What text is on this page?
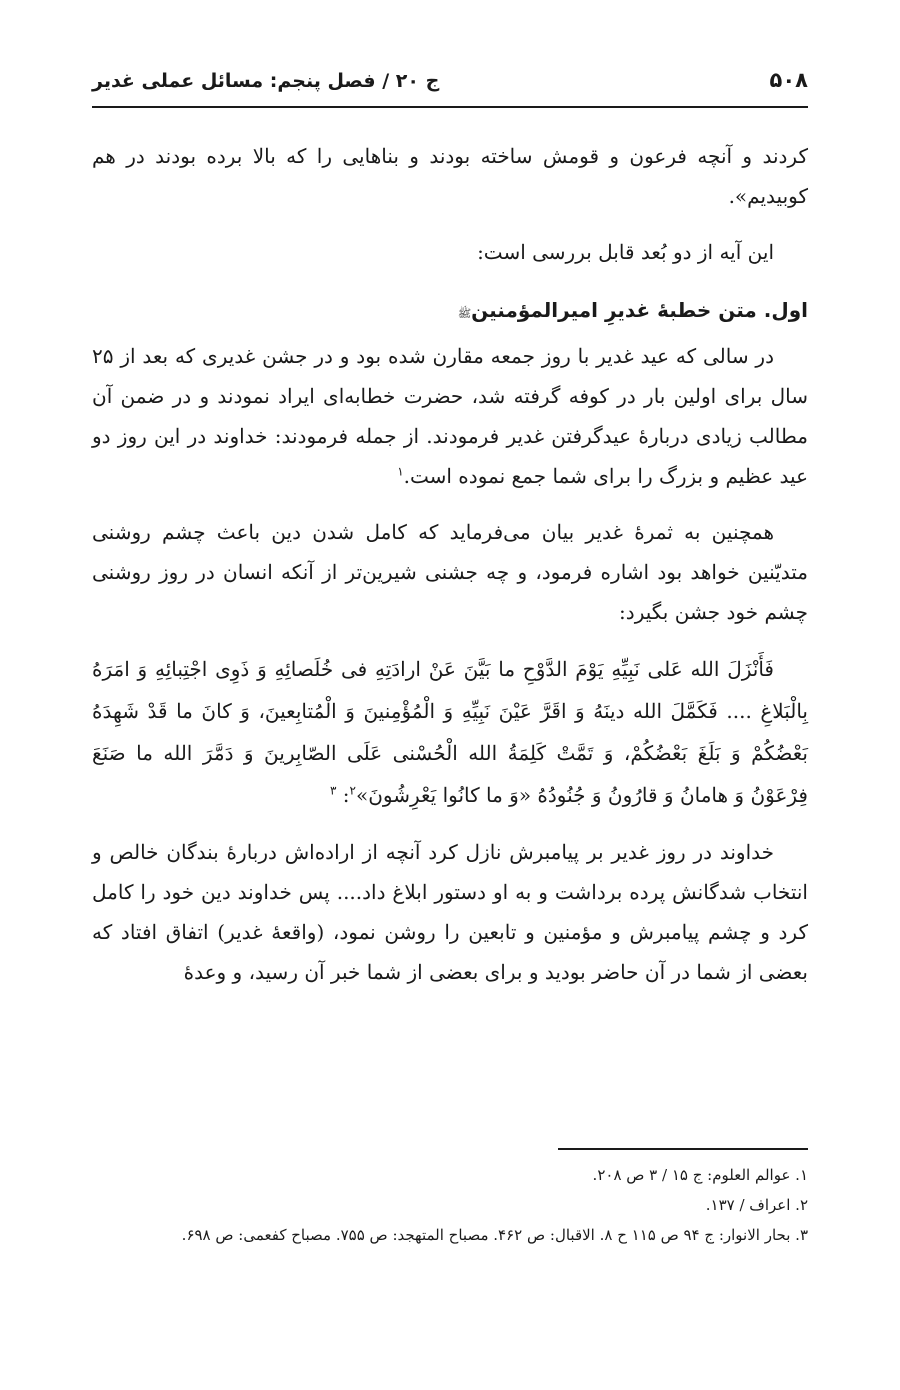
۵۰۸
ج ۲۰ / فصل پنجم: مسائل عملی غدیر

کردند و آنچه فرعون و قومش ساخته بودند و بناهایی را که بالا برده بودند در هم کوبیدیم».

این آیه از دو بُعد قابل بررسی است:

اول. متن خطبهٔ غدیرِ امیرالمؤمنینﷺ

در سالی که عید غدیر با روز جمعه مقارن شده بود و در جشن غدیری که بعد از ۲۵ سال برای اولین بار در کوفه گرفته شد، حضرت خطابه‌ای ایراد نمودند و در ضمن آن مطالب زیادی دربارهٔ عیدگرفتن غدیر فرمودند. از جمله فرمودند: خداوند در این روز دو عید عظیم و بزرگ را برای شما جمع نموده است.$^۱$

همچنین به ثمرهٔ غدیر بیان می‌فرماید که کامل شدن دین باعث چشم روشنی متدیّنین خواهد بود اشاره فرمود، و چه جشنی شیرین‌تر از آنکه انسان در روز روشنی چشم خود جشن بگیرد:

فَأَنْزَلَ الله عَلى نَبِیِّهِ یَوْمَ الدَّوْحِ ما بَیَّنَ عَنْ ارادَتِهِ فی خُلَصائِهِ وَ ذَوِی اجْتِبائِهِ وَ امَرَهُ بِالْبَلاغِ .... فَکَمَّلَ الله دینَهُ وَ اقَرَّ عَیْنَ نَبِیِّهِ وَ الْمُؤْمِنینَ وَ الْمُتابِعینَ، وَ کانَ ما قَدْ شَهِدَهُ بَعْضُکُمْ وَ بَلَغَ بَعْضُکُمْ، وَ تَمَّتْ کَلِمَةُ الله الْحُسْنی عَلَی الصّابِرینَ وَ دَمَّرَ الله ما صَنَعَ فِرْعَوْنُ وَ هامانُ وَ قارُونُ وَ جُنُودُهُ «وَ ما کانُوا یَعْرِشُونَ»$^۲$: $^۳$

خداوند در روز غدیر بر پیامبرش نازل کرد آنچه از اراده‌اش دربارهٔ بندگان خالص و انتخاب شدگانش پرده برداشت و به او دستور ابلاغ داد.... پس خداوند دین خود را کامل کرد و چشم پیامبرش و مؤمنین و تابعین را روشن نمود، (واقعهٔ غدیر) اتفاق افتاد که بعضی از شما در آن حاضر بودید و برای بعضی از شما خبر آن رسید، و وعدهٔ

۱. عوالم العلوم: ج ۱۵ / ۳ ص ۲۰۸.
۲. اعراف / ۱۳۷.
۳. بحار الانوار: ج ۹۴ ص ۱۱۵ ح ۸. الاقبال: ص ۴۶۲. مصباح المتهجد: ص ۷۵۵. مصباح کفعمی: ص ۶۹۸.
